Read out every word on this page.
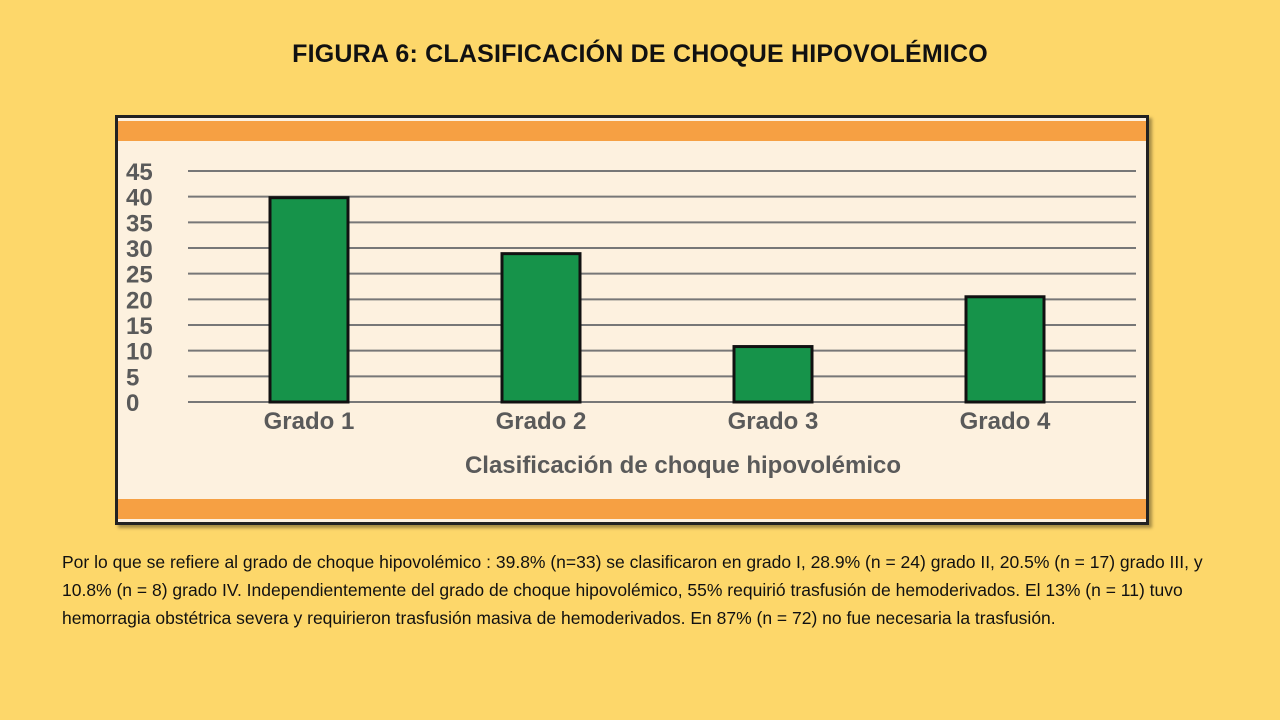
FIGURA 6: CLASIFICACIÓN DE CHOQUE HIPOVOLÉMICO
0
5
10
15
20
25
30
35
40
45
Grado 1	Grado 2	Grado 3	Grado 4
Clasificación de choque hipovolémico
Por lo que se refiere al grado de choque hipovolémico : 39.8% (n=33) se clasificaron en grado I, 28.9% (n = 24) grado II, 20.5% (n = 17) grado III, y 10.8% (n = 8) grado IV. Independientemente del grado de choque hipovolémico, 55% requirió trasfusión de hemoderivados. El 13% (n = 11) tuvo hemorragia obstétrica severa y requirieron trasfusión masiva de hemoderivados. En 87% (n = 72) no fue necesaria la trasfusión.
